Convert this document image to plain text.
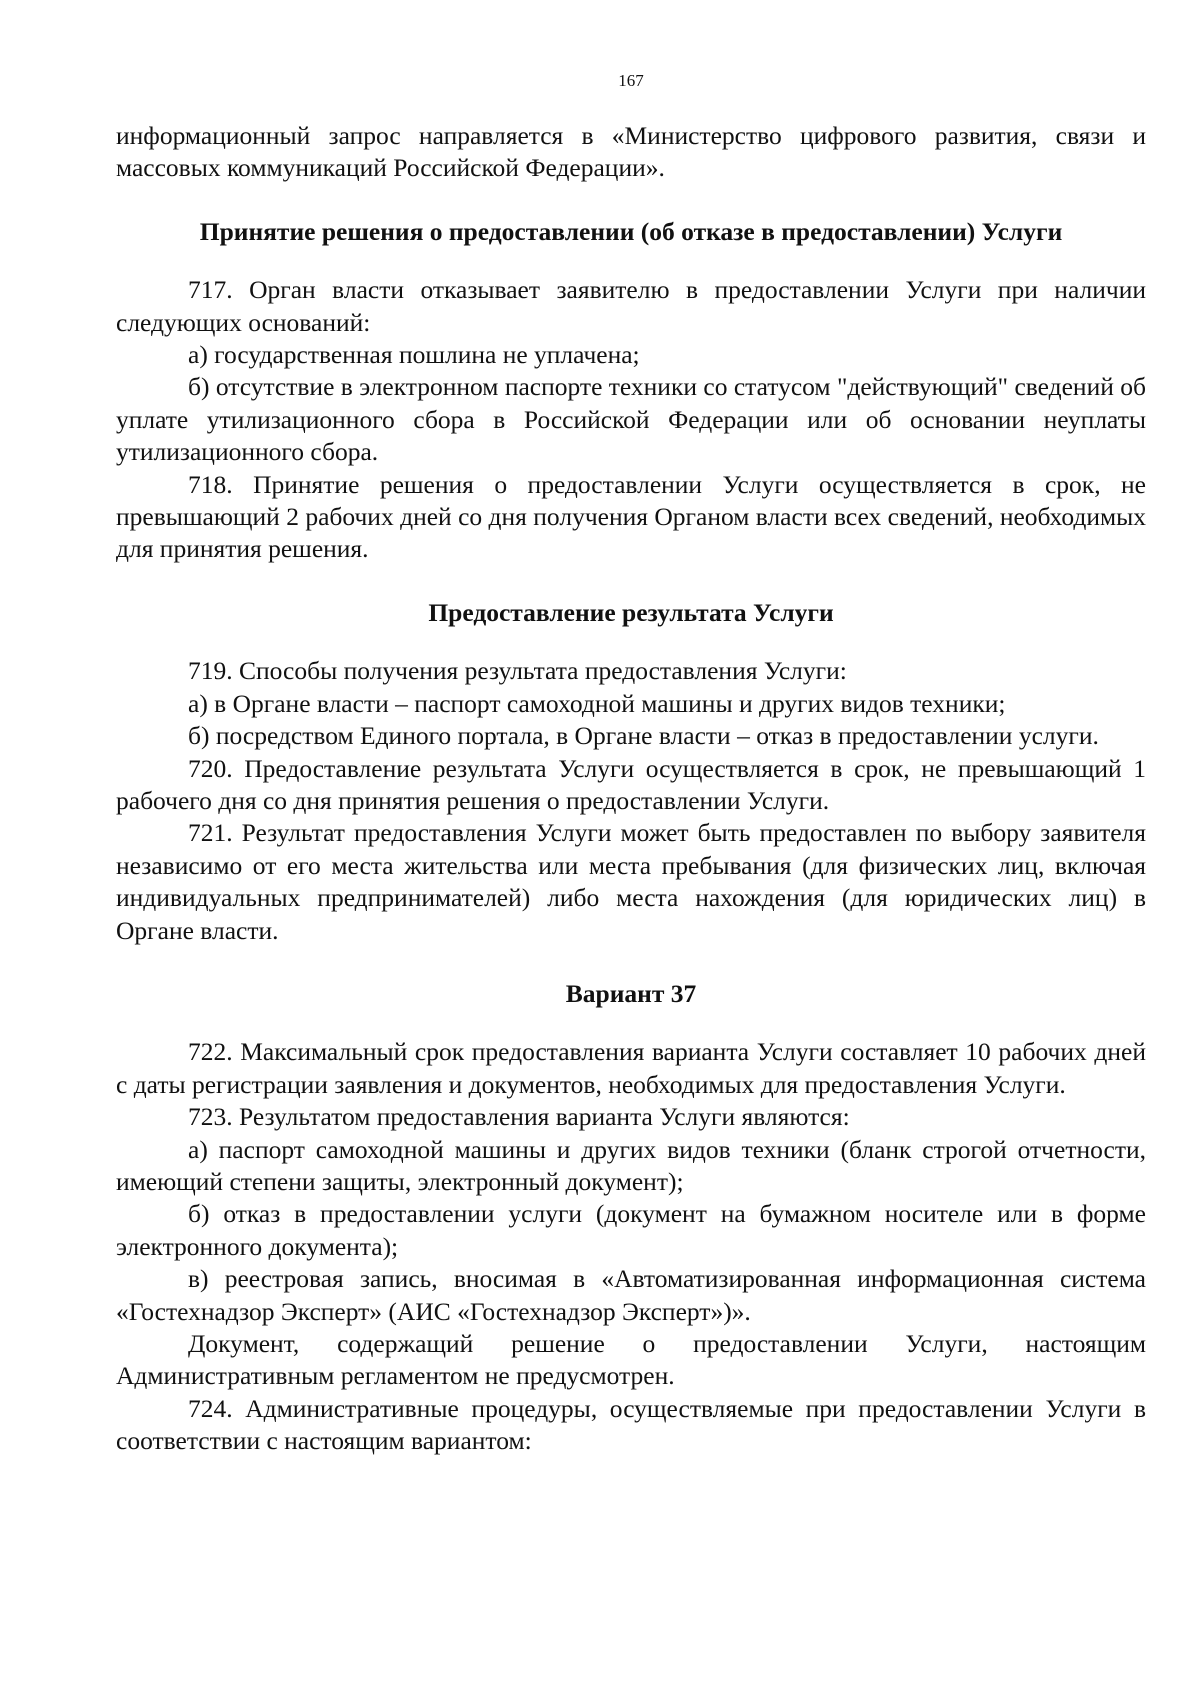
167

информационный запрос направляется в «Министерство цифрового развития, связи и массовых коммуникаций Российской Федерации».

Принятие решения о предоставлении (об отказе в предоставлении) Услуги

717. Орган власти отказывает заявителю в предоставлении Услуги при наличии следующих оснований:

а) государственная пошлина не уплачена;

б) отсутствие в электронном паспорте техники со статусом "действующий" сведений об уплате утилизационного сбора в Российской Федерации или об основании неуплаты утилизационного сбора.

718. Принятие решения о предоставлении Услуги осуществляется в срок, не превышающий 2 рабочих дней со дня получения Органом власти всех сведений, необходимых для принятия решения.

Предоставление результата Услуги

719. Способы получения результата предоставления Услуги:

а) в Органе власти – паспорт самоходной машины и других видов техники;

б) посредством Единого портала, в Органе власти – отказ в предоставлении услуги.

720. Предоставление результата Услуги осуществляется в срок, не превышающий 1 рабочего дня со дня принятия решения о предоставлении Услуги.

721. Результат предоставления Услуги может быть предоставлен по выбору заявителя независимо от его места жительства или места пребывания (для физических лиц, включая индивидуальных предпринимателей) либо места нахождения (для юридических лиц) в Органе власти.

Вариант 37

722. Максимальный срок предоставления варианта Услуги составляет 10 рабочих дней с даты регистрации заявления и документов, необходимых для предоставления Услуги.

723. Результатом предоставления варианта Услуги являются:

а) паспорт самоходной машины и других видов техники (бланк строгой отчетности, имеющий степени защиты, электронный документ);

б) отказ в предоставлении услуги (документ на бумажном носителе или в форме электронного документа);

в) реестровая запись, вносимая в «Автоматизированная информационная система «Гостехнадзор Эксперт» (АИС «Гостехнадзор Эксперт»)».

Документ, содержащий решение о предоставлении Услуги, настоящим Административным регламентом не предусмотрен.

724. Административные процедуры, осуществляемые при предоставлении Услуги в соответствии с настоящим вариантом:
